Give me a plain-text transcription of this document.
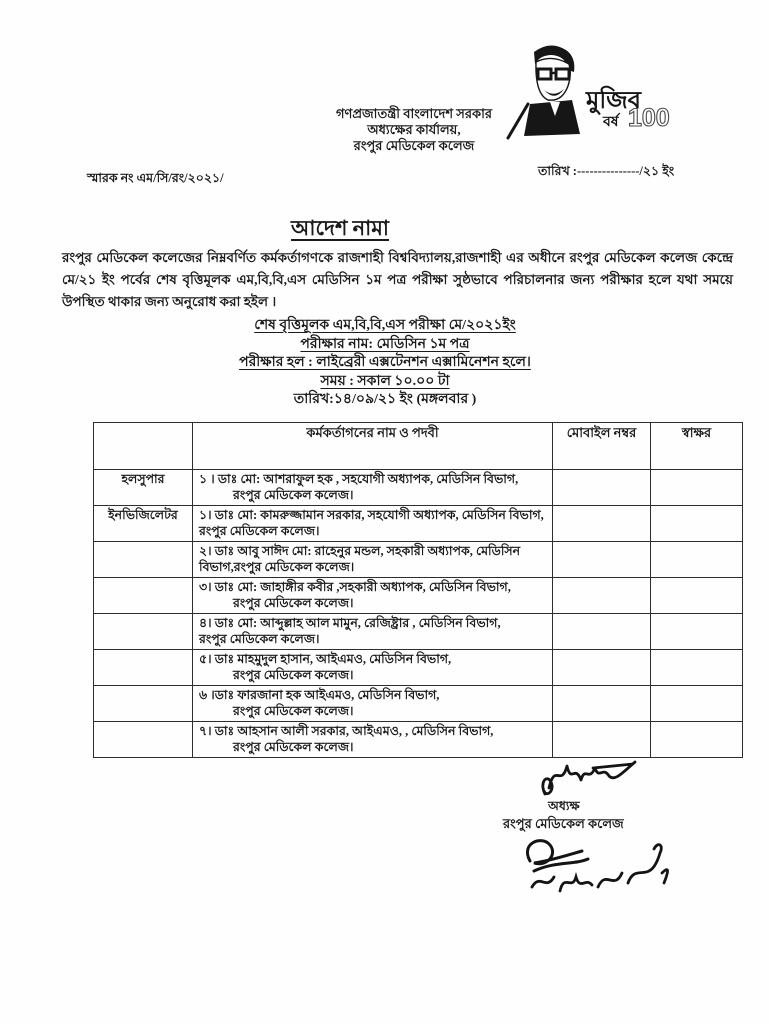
মুজিব
বর্ষ 100
গণপ্রজাতন্ত্রী বাংলাদেশ সরকার
অধ্যক্ষের কার্যালয়,
রংপুর মেডিকেল কলেজ
স্মারক নং এম/সি/রং/২০২১/	তারিখ :---------------/২১ ইং
আদেশ নামা
রংপুর মেডিকেল কলেজের নিম্নবর্ণিত কর্মকর্তাগণকে রাজশাহী বিশ্ববিদ্যালয়,রাজশাহী এর অধীনে রংপুর মেডিকেল কলেজ কেন্দ্রে মে/২১ ইং পর্বের শেষ বৃত্তিমূলক এম,বি,বি,এস মেডিসিন ১ম পত্র পরীক্ষা সুষ্ঠভাবে পরিচালনার জন্য পরীক্ষার হলে যথা সময়ে উপস্থিত থাকার জন্য অনুরোধ করা হইল ।
শেষ বৃত্তিমূলক এম,বি,বি,এস পরীক্ষা মে/২০২১ইং
পরীক্ষার নাম: মেডিসিন ১ম পত্র
পরীক্ষার হল : লাইব্রেরী এক্সটেনশন এক্সামিনেশন হলে।
সময় : সকাল ১০.০০ টা
তারিখ:১৪/০৯/২১ ইং (মঙ্গলবার )
	কর্মকর্তাগনের নাম ও পদবী	মোবাইল নম্বর	স্বাক্ষর
হলসুপার	১ । ডাঃ মো: আশরাফুল হক , সহযোগী অধ্যাপক, মেডিসিন বিভাগ,
রংপুর মেডিকেল কলেজ।		

ইনভিজিলেটর	১। ডাঃ মো: কামরুজ্জামান সরকার, সহযোগী অধ্যাপক, মেডিসিন বিভাগ,
রংপুর মেডিকেল কলেজ।		

	২। ডাঃ আবু সাঈদ মো: রাহেনুর মন্ডল, সহকারী অধ্যাপক, মেডিসিন
বিভাগ,রংপুর মেডিকেল কলেজ।		

	৩। ডাঃ মো: জাহাঙ্গীর কবীর ,সহকারী অধ্যাপক, মেডিসিন বিভাগ,
রংপুর মেডিকেল কলেজ।		

	৪। ডাঃ মো: আব্দুল্লাহ আল মামুন, রেজিষ্ট্রার , মেডিসিন বিভাগ,
রংপুর মেডিকেল কলেজ।		

	৫। ডাঃ মাহমুদুল হাসান, আইএমও, মেডিসিন বিভাগ,
রংপুর মেডিকেল কলেজ।		

	৬ ।ডাঃ ফারজানা হক আইএমও, মেডিসিন বিভাগ,
রংপুর মেডিকেল কলেজ।		

	৭। ডাঃ আহসান আলী সরকার, আইএমও, , মেডিসিন বিভাগ,
রংপুর মেডিকেল কলেজ।		

অধ্যক্ষ
রংপুর মেডিকেল কলেজ
